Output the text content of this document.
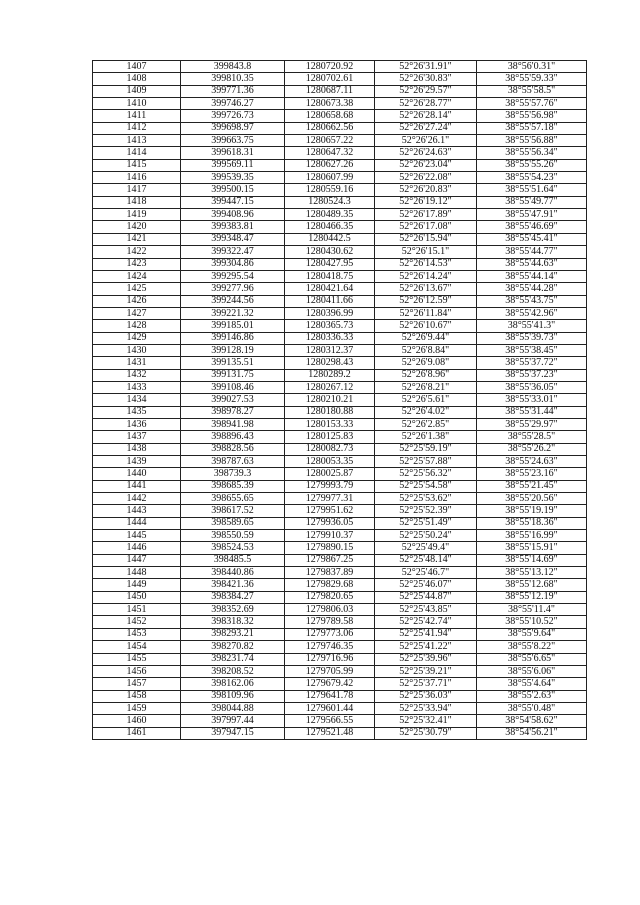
1407	399843.8	1280720.92	52°26'31.91"	38°56'0.31"
1408	399810.35	1280702.61	52°26'30.83"	38°55'59.33"
1409	399771.36	1280687.11	52°26'29.57"	38°55'58.5"
1410	399746.27	1280673.38	52°26'28.77"	38°55'57.76"
1411	399726.73	1280658.68	52°26'28.14"	38°55'56.98"
1412	399698.97	1280662.56	52°26'27.24"	38°55'57.18"
1413	399663.75	1280657.22	52°26'26.1"	38°55'56.88"
1414	399618.31	1280647.32	52°26'24.63"	38°55'56.34"
1415	399569.11	1280627.26	52°26'23.04"	38°55'55.26"
1416	399539.35	1280607.99	52°26'22.08"	38°55'54.23"
1417	399500.15	1280559.16	52°26'20.83"	38°55'51.64"
1418	399447.15	1280524.3	52°26'19.12"	38°55'49.77"
1419	399408.96	1280489.35	52°26'17.89"	38°55'47.91"
1420	399383.81	1280466.35	52°26'17.08"	38°55'46.69"
1421	399348.47	1280442.5	52°26'15.94"	38°55'45.41"
1422	399322.47	1280430.62	52°26'15.1"	38°55'44.77"
1423	399304.86	1280427.95	52°26'14.53"	38°55'44.63"
1424	399295.54	1280418.75	52°26'14.24"	38°55'44.14"
1425	399277.96	1280421.64	52°26'13.67"	38°55'44.28"
1426	399244.56	1280411.66	52°26'12.59"	38°55'43.75"
1427	399221.32	1280396.99	52°26'11.84"	38°55'42.96"
1428	399185.01	1280365.73	52°26'10.67"	38°55'41.3"
1429	399146.86	1280336.33	52°26'9.44"	38°55'39.73"
1430	399128.19	1280312.37	52°26'8.84"	38°55'38.45"
1431	399135.51	1280298.43	52°26'9.08"	38°55'37.72"
1432	399131.75	1280289.2	52°26'8.96"	38°55'37.23"
1433	399108.46	1280267.12	52°26'8.21"	38°55'36.05"
1434	399027.53	1280210.21	52°26'5.61"	38°55'33.01"
1435	398978.27	1280180.88	52°26'4.02"	38°55'31.44"
1436	398941.98	1280153.33	52°26'2.85"	38°55'29.97"
1437	398896.43	1280125.83	52°26'1.38"	38°55'28.5"
1438	398828.56	1280082.73	52°25'59.19"	38°55'26.2"
1439	398787.63	1280053.35	52°25'57.88"	38°55'24.63"
1440	398739.3	1280025.87	52°25'56.32"	38°55'23.16"
1441	398685.39	1279993.79	52°25'54.58"	38°55'21.45"
1442	398655.65	1279977.31	52°25'53.62"	38°55'20.56"
1443	398617.52	1279951.62	52°25'52.39"	38°55'19.19"
1444	398589.65	1279936.05	52°25'51.49"	38°55'18.36"
1445	398550.59	1279910.37	52°25'50.24"	38°55'16.99"
1446	398524.53	1279890.15	52°25'49.4"	38°55'15.91"
1447	398485.5	1279867.25	52°25'48.14"	38°55'14.69"
1448	398440.86	1279837.89	52°25'46.7"	38°55'13.12"
1449	398421.36	1279829.68	52°25'46.07"	38°55'12.68"
1450	398384.27	1279820.65	52°25'44.87"	38°55'12.19"
1451	398352.69	1279806.03	52°25'43.85"	38°55'11.4"
1452	398318.32	1279789.58	52°25'42.74"	38°55'10.52"
1453	398293.21	1279773.06	52°25'41.94"	38°55'9.64"
1454	398270.82	1279746.35	52°25'41.22"	38°55'8.22"
1455	398231.74	1279716.96	52°25'39.96"	38°55'6.65"
1456	398208.52	1279705.99	52°25'39.21"	38°55'6.06"
1457	398162.06	1279679.42	52°25'37.71"	38°55'4.64"
1458	398109.96	1279641.78	52°25'36.03"	38°55'2.63"
1459	398044.88	1279601.44	52°25'33.94"	38°55'0.48"
1460	397997.44	1279566.55	52°25'32.41"	38°54'58.62"
1461	397947.15	1279521.48	52°25'30.79"	38°54'56.21"
